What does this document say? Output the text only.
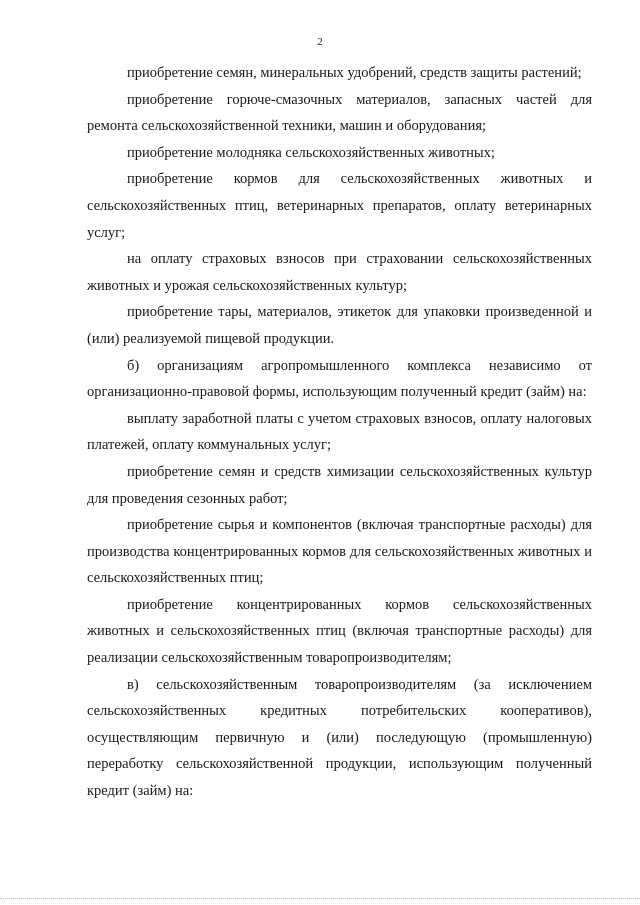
2

приобретение семян, минеральных удобрений, средств защиты растений;

приобретение горюче-смазочных материалов, запасных частей для ремонта сельскохозяйственной техники, машин и оборудования;

приобретение молодняка сельскохозяйственных животных;

приобретение кормов для сельскохозяйственных животных и сельскохозяйственных птиц, ветеринарных препаратов, оплату ветеринарных услуг;

на оплату страховых взносов при страховании сельскохозяйственных животных и урожая сельскохозяйственных культур;

приобретение тары, материалов, этикеток для упаковки произведенной и (или) реализуемой пищевой продукции.

б) организациям агропромышленного комплекса независимо от организационно-правовой формы, использующим полученный кредит (займ) на:

выплату заработной платы с учетом страховых взносов, оплату налоговых платежей, оплату коммунальных услуг;

приобретение семян и средств химизации сельскохозяйственных культур для проведения сезонных работ;

приобретение сырья и компонентов (включая транспортные расходы) для производства концентрированных кормов для сельскохозяйственных животных и сельскохозяйственных птиц;

приобретение концентрированных кормов сельскохозяйственных животных и сельскохозяйственных птиц (включая транспортные расходы) для реализации сельскохозяйственным товаропроизводителям;

в) сельскохозяйственным товаропроизводителям (за исключением сельскохозяйственных кредитных потребительских кооперативов), осуществляющим первичную и (или) последующую (промышленную) переработку сельскохозяйственной продукции, использующим полученный кредит (займ) на:
